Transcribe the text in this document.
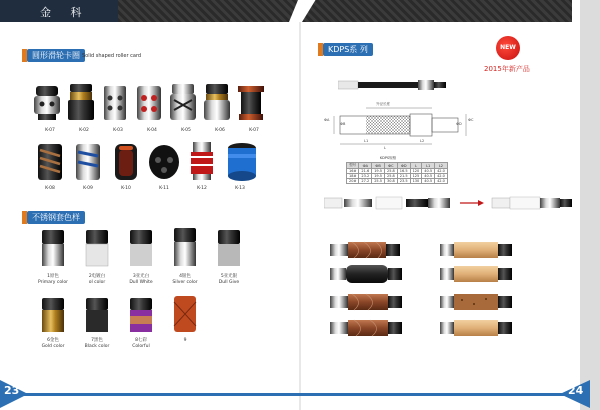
金 科
圆形滑轮卡圈 Solid shaped roller card
K-07	K-02	K-03	K-04	K-05	K-06	K-07
K-08	K-09	K-10	K-11	K-12	K-13
不锈钢套色样
1原色
Primary color
2电镀白
ol color
3亚光白
Dull White
4银色
Silver color
5亚光银
Dull Give
6金色
Gold color
7黑色
Black color
8七彩
Colorful
9
KDPS系 列	NEW
2015年新产品
ФA
ФB
ФC
ФD
L
L1	L2
外径长度
KDPS规格
型号	ФA	ФB	ФC	ФD	L	L1	L2
16#	21.6	19.5	25.8	16.5	120	40.5	42.0
18#	23.2	19.5	25.8	21.5	125	40.5	42.0
20#	27.2	25.5	30.8	23.5	130	40.5	42.0
23	24
